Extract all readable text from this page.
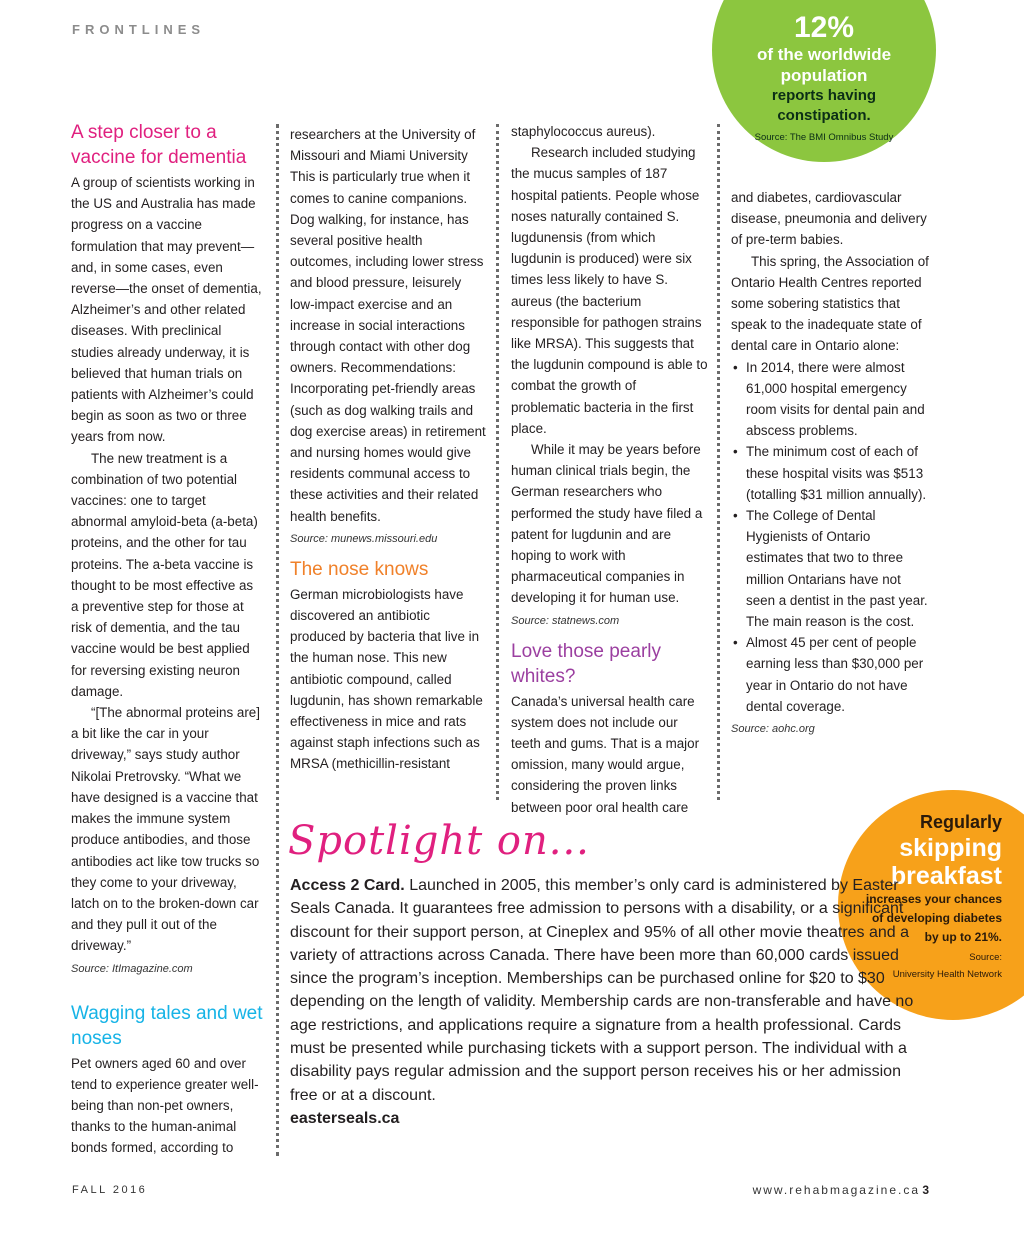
FRONTLINES	12%
of the worldwide
population
reports having
constipation.
Source: The BMI Omnibus Study
A step closer to a vaccine for dementia

A group of scientists working in the US and Australia has made progress on a vaccine formulation that may prevent—and, in some cases, even reverse—the onset of dementia, Alzheimer’s and other related diseases. With preclinical studies already underway, it is believed that human trials on patients with Alzheimer’s could begin as soon as two or three years from now.

The new treatment is a combination of two potential vaccines: one to target abnormal amyloid-beta (a-beta) proteins, and the other for tau proteins. The a-beta vaccine is thought to be most effective as a preventive step for those at risk of dementia, and the tau vaccine would be best applied for reversing existing neuron damage.

“[The abnormal proteins are] a bit like the car in your driveway,” says study author Nikolai Pretrovsky. “What we have designed is a vaccine that makes the immune system produce antibodies, and those antibodies act like tow trucks so they come to your driveway, latch on to the broken-down car and they pull it out of the driveway.”

Source: ItImagazine.com
Wagging tales and wet noses

Pet owners aged 60 and over tend to experience greater well-being than non-pet owners, thanks to the human-animal bonds formed, according to

researchers at the University of Missouri and Miami University This is particularly true when it comes to canine companions. Dog walking, for instance, has several positive health outcomes, including lower stress and blood pressure, leisurely low-impact exercise and an increase in social interactions through contact with other dog owners. Recommendations: Incorporating pet-friendly areas (such as dog walking trails and dog exercise areas) in retirement and nursing homes would give residents communal access to these activities and their related health benefits.

Source: munews.missouri.edu
The nose knows

German microbiologists have discovered an antibiotic produced by bacteria that live in the human nose. This new antibiotic compound, called lugdunin, has shown remarkable effectiveness in mice and rats against staph infections such as MRSA (methicillin-resistant

staphylococcus aureus).

Research included studying the mucus samples of 187 hospital patients. People whose noses naturally contained S. lugdunensis (from which lugdunin is produced) were six times less likely to have S. aureus (the bacterium responsible for pathogen strains like MRSA). This suggests that the lugdunin compound is able to combat the growth of problematic bacteria in the first place.

While it may be years before human clinical trials begin, the German researchers who performed the study have filed a patent for lugdunin and are hoping to work with pharmaceutical companies in developing it for human use.

Source: statnews.com
Love those pearly whites?

Canada’s universal health care system does not include our teeth and gums. That is a major omission, many would argue, considering the proven links between poor oral health care

and diabetes, cardiovascular disease, pneumonia and delivery of pre-term babies.

This spring, the Association of Ontario Health Centres reported some sobering statistics that speak to the inadequate state of dental care in Ontario alone:

• In 2014, there were almost 61,000 hospital emergency room visits for dental pain and abscess problems.
• The minimum cost of each of these hospital visits was $513 (totalling $31 million annually).
• The College of Dental Hygienists of Ontario estimates that two to three million Ontarians have not seen a dentist in the past year. The main reason is the cost.
• Almost 45 per cent of people earning less than $30,000 per year in Ontario do not have dental coverage.
Source: aohc.org
Regularly
skipping
breakfast
increases your chances
of developing diabetes
by up to 21%.
Source:
University Health Network
Spotlight on...
Access 2 Card. Launched in 2005, this member’s only card is administered by Easter Seals Canada. It guarantees free admission to persons with a disability, or a significant discount for their support person, at Cineplex and 95% of all other movie theatres and a variety of attractions across Canada. There have been more than 60,000 cards issued since the program’s inception. Memberships can be purchased online for $20 to $30 depending on the length of validity. Membership cards are non-transferable and have no age restrictions, and applications require a signature from a health professional. Cards must be presented while purchasing tickets with a support person. The individual with a disability pays regular admission and the support person receives his or her admission free or at a discount.
easterseals.ca
FALL 2016	www.rehabmagazine.ca 3
